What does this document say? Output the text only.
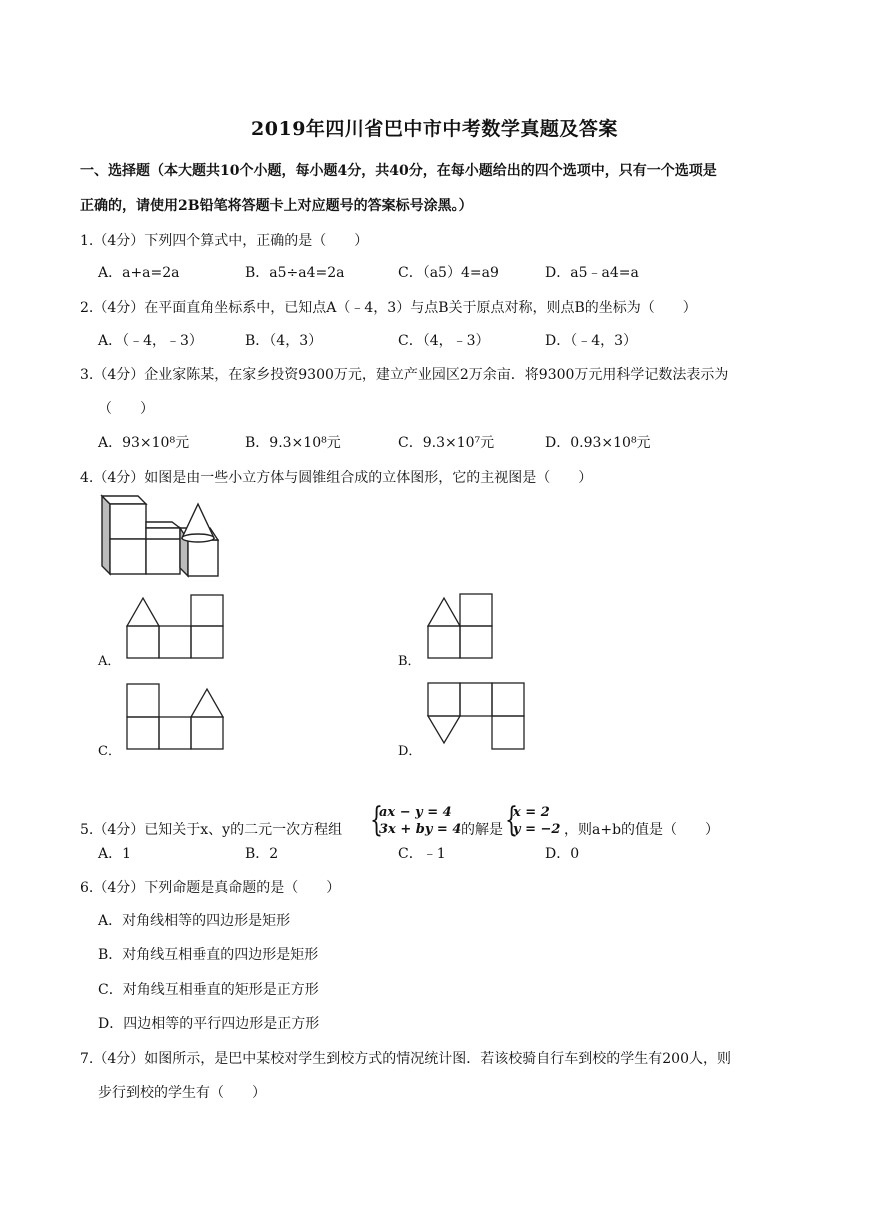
2019年四川省巴中市中考数学真题及答案
一、选择题（本大题共10个小题，每小题4分，共40分，在每小题给出的四个选项中，只有一个选项是
正确的，请使用2B铅笔将答题卡上对应题号的答案标号涂黑。）
1.（4分）下列四个算式中，正确的是（　　）
A．a+a=2a	B．a5÷a4=2a	C．（a5）4=a9	D．a5﹣a4=a
2.（4分）在平面直角坐标系中，已知点A（﹣4，3）与点B关于原点对称，则点B的坐标为（　　）
A．（﹣4，﹣3）	B．（4，3）	C．（4，﹣3）	D．（﹣4，3）
3.（4分）企业家陈某，在家乡投资9300万元，建立产业园区2万余亩．将9300万元用科学记数法表示为
（　　）
A．93×10⁸元	B．9.3×10⁸元	C．9.3×10⁷元	D．0.93×10⁸元
4.（4分）如图是由一些小立方体与圆锥组合成的立体图形，它的主视图是（　　）
A．	B．
C．	D．
5.（4分）已知关于x、y的二元一次方程组 {
ax − y = 4
3x + by = 4 的解是 {
x = 2
y = −2 ，则a+b的值是（　　）
A．1	B．2	C．﹣1	D．0
6.（4分）下列命题是真命题的是（　　）
A．对角线相等的四边形是矩形
B．对角线互相垂直的四边形是矩形
C．对角线互相垂直的矩形是正方形
D．四边相等的平行四边形是正方形
7.（4分）如图所示，是巴中某校对学生到校方式的情况统计图．若该校骑自行车到校的学生有200人，则
步行到校的学生有（　　）
